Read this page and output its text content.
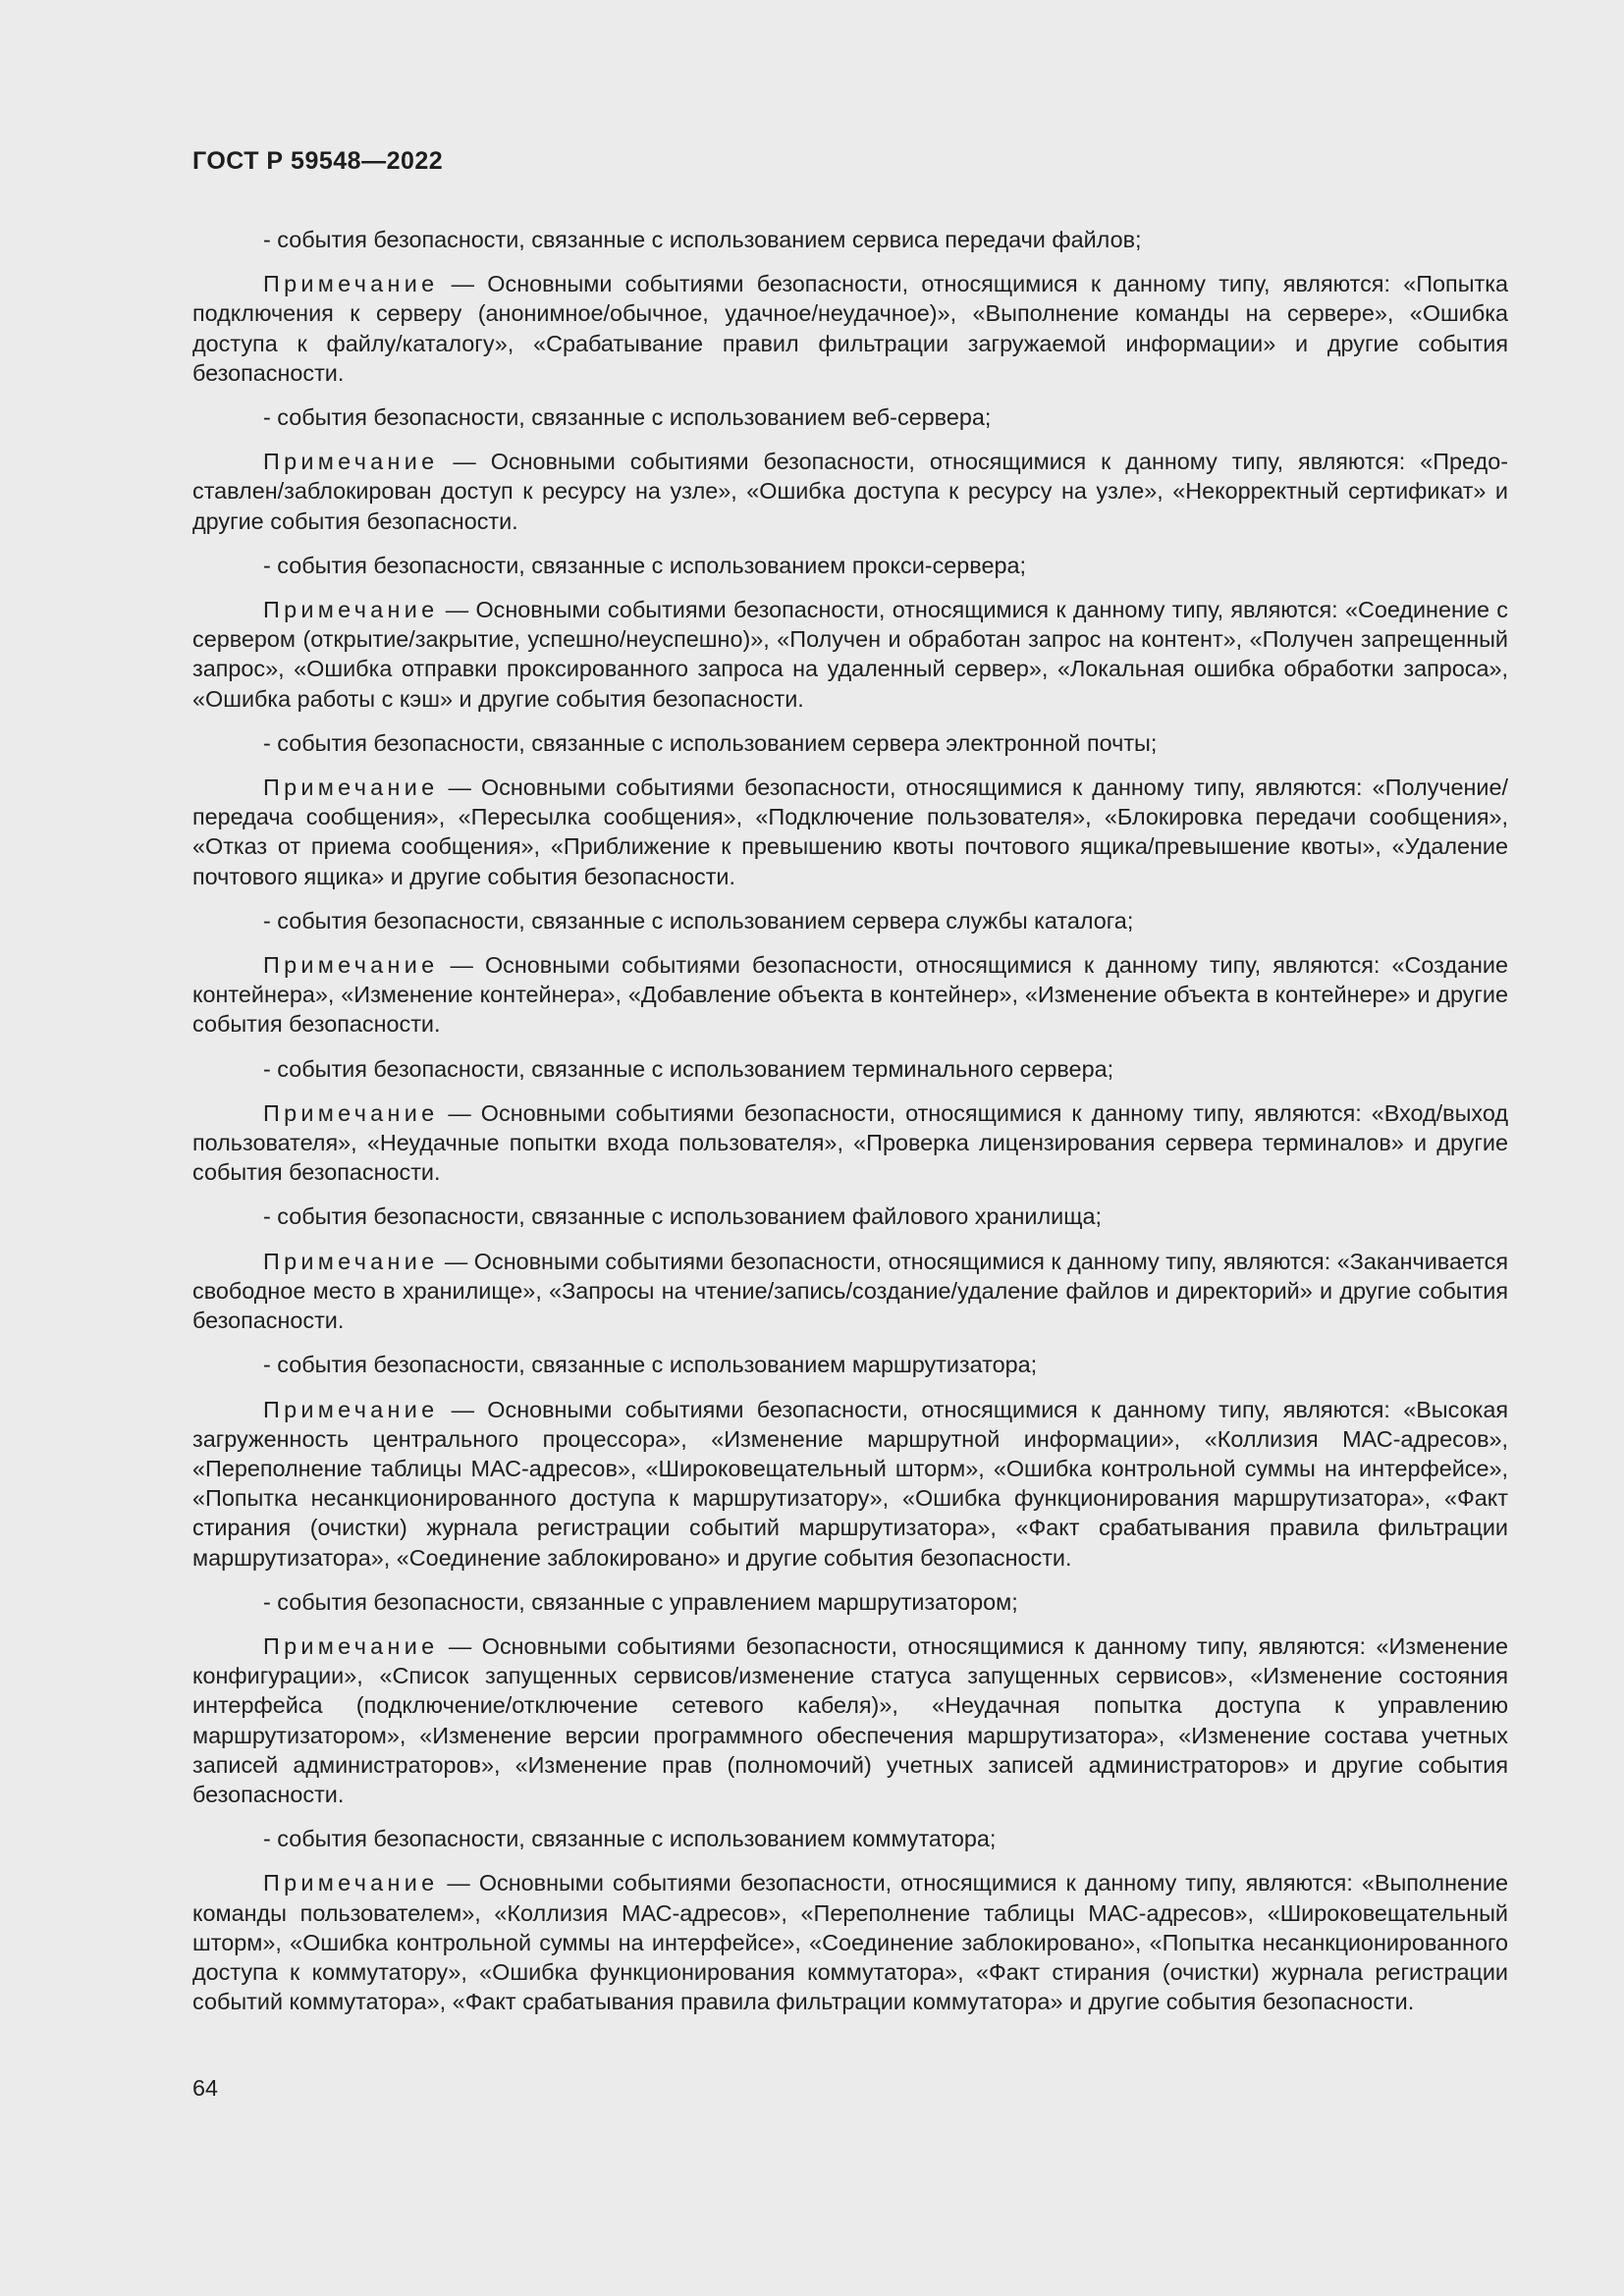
ГОСТ Р 59548—2022

- события безопасности, связанные с использованием сервиса передачи файлов;

Примечание — Основными событиями безопасности, относящимися к данному типу, являются: «Попытка подключения к серверу (анонимное/обычное, удачное/неудачное)», «Выполнение команды на сервере», «Ошибка доступа к файлу/каталогу», «Срабатывание правил фильтрации загружаемой информации» и другие события безопасности.

- события безопасности, связанные с использованием веб-сервера;

Примечание — Основными событиями безопасности, относящимися к данному типу, являются: «Предоставлен/заблокирован доступ к ресурсу на узле», «Ошибка доступа к ресурсу на узле», «Некорректный сертификат» и другие события безопасности.

- события безопасности, связанные с использованием прокси-сервера;

Примечание — Основными событиями безопасности, относящимися к данному типу, являются: «Соединение с сервером (открытие/закрытие, успешно/неуспешно)», «Получен и обработан запрос на контент», «Получен запрещенный запрос», «Ошибка отправки проксированного запроса на удаленный сервер», «Локальная ошибка обработки запроса», «Ошибка работы с кэш» и другие события безопасности.

- события безопасности, связанные с использованием сервера электронной почты;

Примечание — Основными событиями безопасности, относящимися к данному типу, являются: «Получение/передача сообщения», «Пересылка сообщения», «Подключение пользователя», «Блокировка передачи сообщения», «Отказ от приема сообщения», «Приближение к превышению квоты почтового ящика/превышение квоты», «Удаление почтового ящика» и другие события безопасности.

- события безопасности, связанные с использованием сервера службы каталога;

Примечание — Основными событиями безопасности, относящимися к данному типу, являются: «Создание контейнера», «Изменение контейнера», «Добавление объекта в контейнер», «Изменение объекта в контейнере» и другие события безопасности.

- события безопасности, связанные с использованием терминального сервера;

Примечание — Основными событиями безопасности, относящимися к данному типу, являются: «Вход/выход пользователя», «Неудачные попытки входа пользователя», «Проверка лицензирования сервера терминалов» и другие события безопасности.

- события безопасности, связанные с использованием файлового хранилища;

Примечание — Основными событиями безопасности, относящимися к данному типу, являются: «Заканчивается свободное место в хранилище», «Запросы на чтение/запись/создание/удаление файлов и директорий» и другие события безопасности.

- события безопасности, связанные с использованием маршрутизатора;

Примечание — Основными событиями безопасности, относящимися к данному типу, являются: «Высокая загруженность центрального процессора», «Изменение маршрутной информации», «Коллизия МАС-адресов», «Переполнение таблицы МАС-адресов», «Широковещательный шторм», «Ошибка контрольной суммы на интерфейсе», «Попытка несанкционированного доступа к маршрутизатору», «Ошибка функционирования маршрутизатора», «Факт стирания (очистки) журнала регистрации событий маршрутизатора», «Факт срабатывания правила фильтрации маршрутизатора», «Соединение заблокировано» и другие события безопасности.

- события безопасности, связанные с управлением маршрутизатором;

Примечание — Основными событиями безопасности, относящимися к данному типу, являются: «Изменение конфигурации», «Список запущенных сервисов/изменение статуса запущенных сервисов», «Изменение состояния интерфейса (подключение/отключение сетевого кабеля)», «Неудачная попытка доступа к управлению маршрутизатором», «Изменение версии программного обеспечения маршрутизатора», «Изменение состава учетных записей администраторов», «Изменение прав (полномочий) учетных записей администраторов» и другие события безопасности.

- события безопасности, связанные с использованием коммутатора;

Примечание — Основными событиями безопасности, относящимися к данному типу, являются: «Выполнение команды пользователем», «Коллизия МАС-адресов», «Переполнение таблицы МАС-адресов», «Широковещательный шторм», «Ошибка контрольной суммы на интерфейсе», «Соединение заблокировано», «Попытка несанкционированного доступа к коммутатору», «Ошибка функционирования коммутатора», «Факт стирания (очистки) журнала регистрации событий коммутатора», «Факт срабатывания правила фильтрации коммутатора» и другие события безопасности.

64
